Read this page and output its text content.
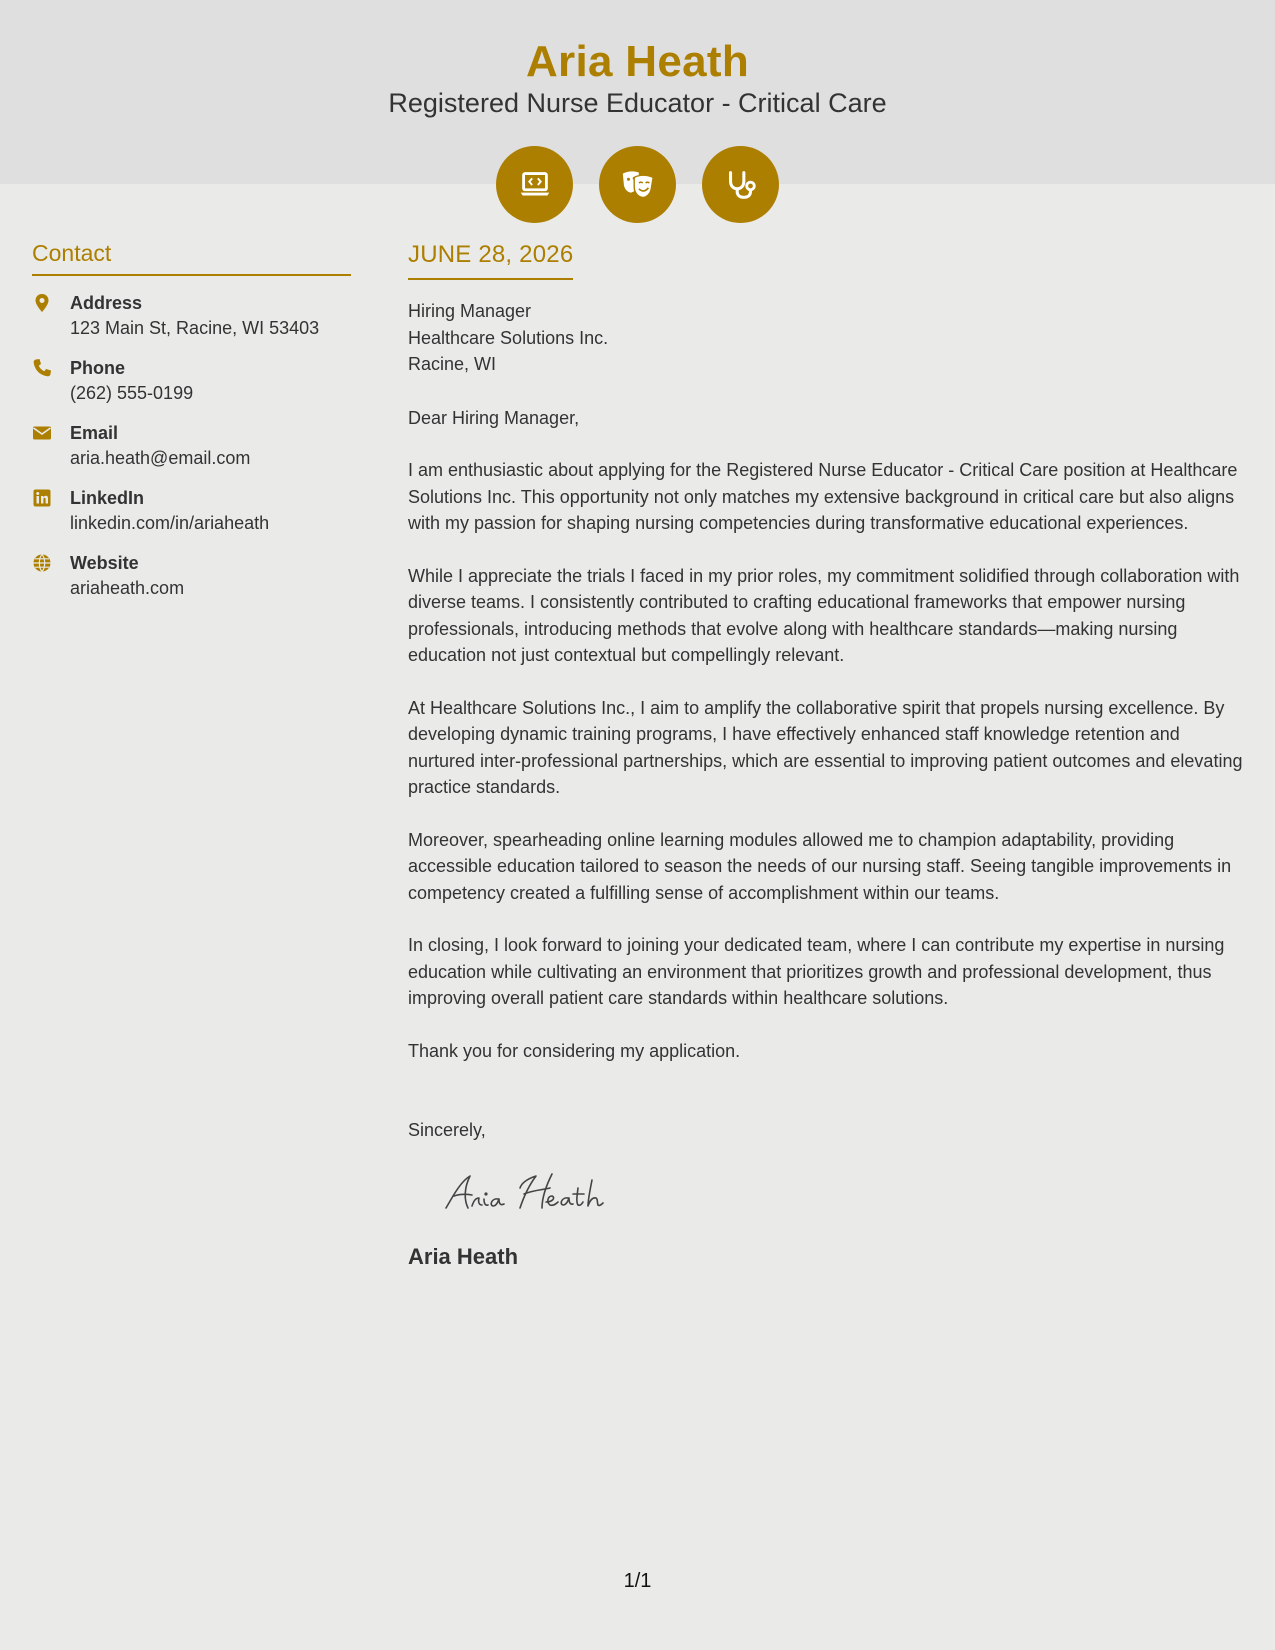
Aria Heath
Registered Nurse Educator - Critical Care
Contact
Address
123 Main St, Racine, WI 53403
Phone
(262) 555-0199
Email
aria.heath@email.com
LinkedIn
linkedin.com/in/ariaheath
Website
ariaheath.com
JUNE 28, 2026
Hiring Manager
Healthcare Solutions Inc.
Racine, WI
Dear Hiring Manager,
I am enthusiastic about applying for the Registered Nurse Educator - Critical Care position at Healthcare Solutions Inc. This opportunity not only matches my extensive background in critical care but also aligns with my passion for shaping nursing competencies during transformative educational experiences.
While I appreciate the trials I faced in my prior roles, my commitment solidified through collaboration with diverse teams. I consistently contributed to crafting educational frameworks that empower nursing professionals, introducing methods that evolve along with healthcare standards—making nursing education not just contextual but compellingly relevant.
At Healthcare Solutions Inc., I aim to amplify the collaborative spirit that propels nursing excellence. By developing dynamic training programs, I have effectively enhanced staff knowledge retention and nurtured inter-professional partnerships, which are essential to improving patient outcomes and elevating practice standards.
Moreover, spearheading online learning modules allowed me to champion adaptability, providing accessible education tailored to season the needs of our nursing staff. Seeing tangible improvements in competency created a fulfilling sense of accomplishment within our teams.
In closing, I look forward to joining your dedicated team, where I can contribute my expertise in nursing education while cultivating an environment that prioritizes growth and professional development, thus improving overall patient care standards within healthcare solutions.
Thank you for considering my application.
Sincerely,
Aria Heath
1/1
